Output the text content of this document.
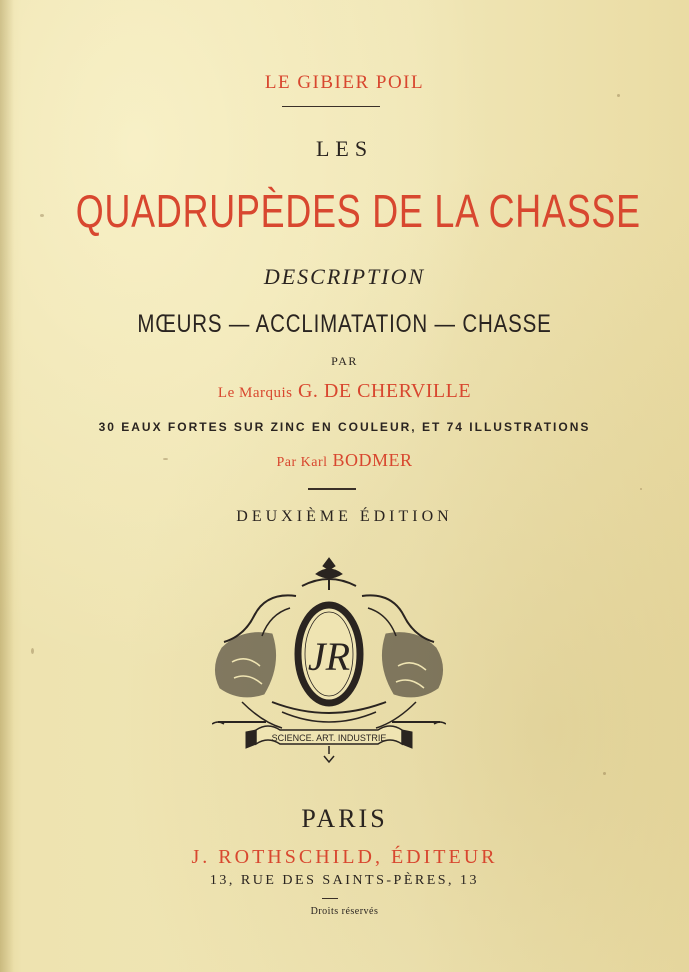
LE GIBIER POIL
LES
QUADRUPÈDES DE LA CHASSE
DESCRIPTION
MŒURS — ACCLIMATATION — CHASSE
PAR
Le Marquis G. DE CHERVILLE
30 EAUX FORTES SUR ZINC EN COULEUR, ET 74 ILLUSTRATIONS
Par Karl BODMER
DEUXIÈME ÉDITION
JR
SCIENCE. ART. INDUSTRIE
PARIS
J. ROTHSCHILD, ÉDITEUR
13, RUE DES SAINTS-PÈRES, 13
Droits réservés
